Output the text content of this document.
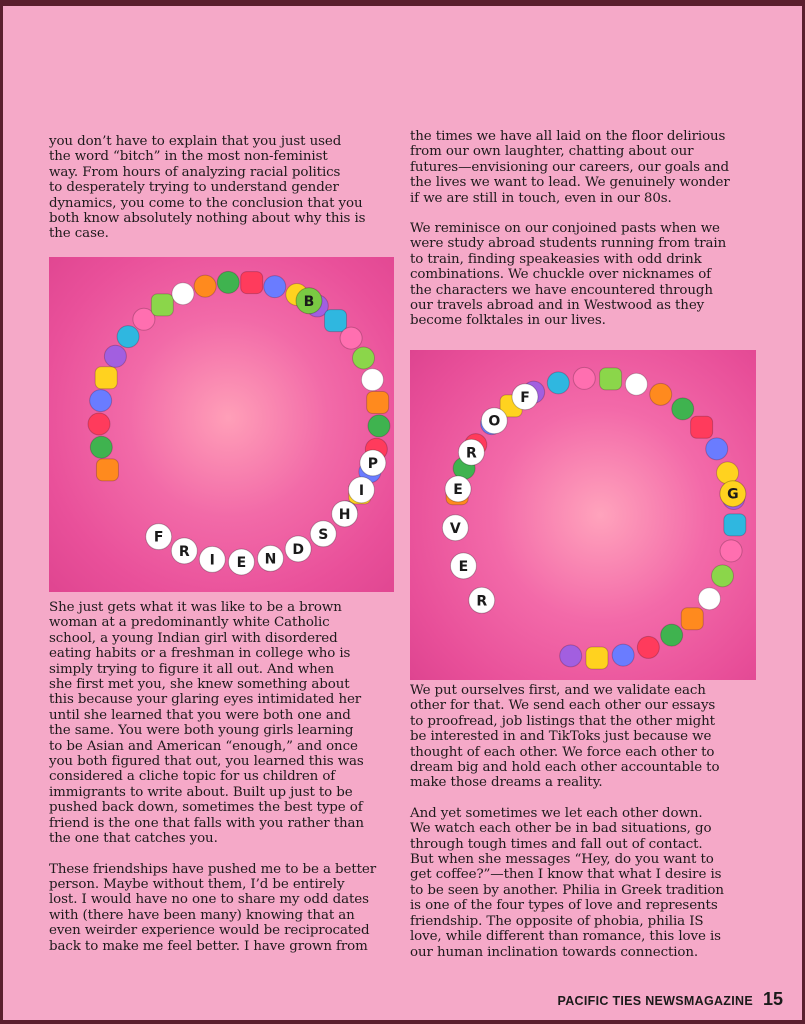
you don’t have to explain that you just used
the word “bitch” in the most non-feminist
way. From hours of analyzing racial politics
to desperately trying to understand gender
dynamics, you come to the conclusion that you
both know absolutely nothing about why this is
the case.

F
R
I E N
D
S
H
I
P
B

She just gets what it was like to be a brown
woman at a predominantly white Catholic
school, a young Indian girl with disordered
eating habits or a freshman in college who is
simply trying to figure it all out. And when
she first met you, she knew something about
this because your glaring eyes intimidated her
until she learned that you were both one and
the same. You were both young girls learning
to be Asian and American “enough,” and once
you both figured that out, you learned this was
considered a cliche topic for us children of
immigrants to write about. Built up just to be
pushed back down, sometimes the best type of
friend is the one that falls with you rather than
the one that catches you.

These friendships have pushed me to be a better
person. Maybe without them, I’d be entirely
lost. I would have no one to share my odd dates
with (there have been many) knowing that an
even weirder experience would be reciprocated
back to make me feel better. I have grown from

the times we have all laid on the floor delirious
from our own laughter, chatting about our
futures—envisioning our careers, our goals and
the lives we want to lead. We genuinely wonder
if we are still in touch, even in our 80s.

We reminisce on our conjoined pasts when we
were study abroad students running from train
to train, finding speakeasies with odd drink
combinations. We chuckle over nicknames of
the characters we have encountered through
our travels abroad and in Westwood as they
become folktales in our lives.

F
O
R
E
V
E
R
G

We put ourselves first, and we validate each
other for that. We send each other our essays
to proofread, job listings that the other might
be interested in and TikToks just because we
thought of each other. We force each other to
dream big and hold each other accountable to
make those dreams a reality.

And yet sometimes we let each other down.
We watch each other be in bad situations, go
through tough times and fall out of contact.
But when she messages “Hey, do you want to
get coffee?”—then I know that what I desire is
to be seen by another. Philia in Greek tradition
is one of the four types of love and represents
friendship. The opposite of phobia, philia IS
love, while different than romance, this love is
our human inclination towards connection.

PACIFIC TIES NEWSMAGAZINE 15
